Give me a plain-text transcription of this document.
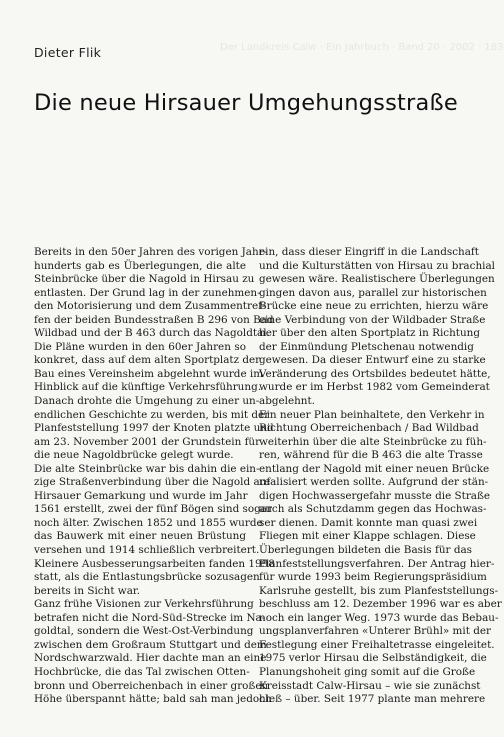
Dieter Flik	Der Landkreis Calw · Ein Jahrbuch · Band 20 · 2002 · 183
Die neue Hirsauer Umgehungsstraße
Bereits in den 50er Jahren des vorigen Jahr-
hunderts gab es Überlegungen, die alte
Steinbrücke über die Nagold in Hirsau zu
entlasten. Der Grund lag in der zunehmen-
den Motorisierung und dem Zusammentref-
fen der beiden Bundesstraßen B 296 von Bad
Wildbad und der B 463 durch das Nagoldtal.
Die Pläne wurden in den 60er Jahren so
konkret, dass auf dem alten Sportplatz der
Bau eines Vereinsheim abgelehnt wurde im
Hinblick auf die künftige Verkehrsführung.
Danach drohte die Umgehung zu einer un-
endlichen Geschichte zu werden, bis mit der
Planfeststellung 1997 der Knoten platzte und
am 23. November 2001 der Grundstein für
die neue Nagoldbrücke gelegt wurde.
Die alte Steinbrücke war bis dahin die ein-
zige Straßenverbindung über die Nagold auf
Hirsauer Gemarkung und wurde im Jahr
1561 erstellt, zwei der fünf Bögen sind sogar
noch älter. Zwischen 1852 und 1855 wurde
das Bauwerk mit einer neuen Brüstung
versehen und 1914 schließlich verbreitert.
Kleinere Ausbesserungsarbeiten fanden 1998
statt, als die Entlastungsbrücke sozusagen
bereits in Sicht war.
Ganz frühe Visionen zur Verkehrsführung
betrafen nicht die Nord-Süd-Strecke im Na-
goldtal, sondern die West-Ost-Verbindung
zwischen dem Großraum Stuttgart und dem
Nordschwarzwald. Hier dachte man an eine
Hochbrücke, die das Tal zwischen Otten-
bronn und Oberreichenbach in einer großen
Höhe überspannt hätte; bald sah man jedoch
ein, dass dieser Eingriff in die Landschaft
und die Kulturstätten von Hirsau zu brachial
gewesen wäre. Realistischere Überlegungen
gingen davon aus, parallel zur historischen
Brücke eine neue zu errichten, hierzu wäre
eine Verbindung von der Wildbader Straße
her über den alten Sportplatz in Richtung
der Einmündung Pletschenau notwendig
gewesen. Da dieser Entwurf eine zu starke
Veränderung des Ortsbildes bedeutet hätte,
wurde er im Herbst 1982 vom Gemeinderat
abgelehnt.
Ein neuer Plan beinhaltete, den Verkehr in
Richtung Oberreichenbach / Bad Wildbad
weiterhin über die alte Steinbrücke zu füh-
ren, während für die B 463 die alte Trasse
entlang der Nagold mit einer neuen Brücke
realisiert werden sollte. Aufgrund der stän-
digen Hochwassergefahr musste die Straße
auch als Schutzdamm gegen das Hochwas-
ser dienen. Damit konnte man quasi zwei
Fliegen mit einer Klappe schlagen. Diese
Überlegungen bildeten die Basis für das
Planfeststellungsverfahren. Der Antrag hier-
für wurde 1993 beim Regierungspräsidium
Karlsruhe gestellt, bis zum Planfeststellungs-
beschluss am 12. Dezember 1996 war es aber
noch ein langer Weg. 1973 wurde das Bebau-
ungsplanverfahren «Unterer Brühl» mit der
Festlegung einer Freihaltetrasse eingeleitet.
1975 verlor Hirsau die Selbständigkeit, die
Planungshoheit ging somit auf die Große
Kreisstadt Calw-Hirsau – wie sie zunächst
hieß – über. Seit 1977 plante man mehrere
